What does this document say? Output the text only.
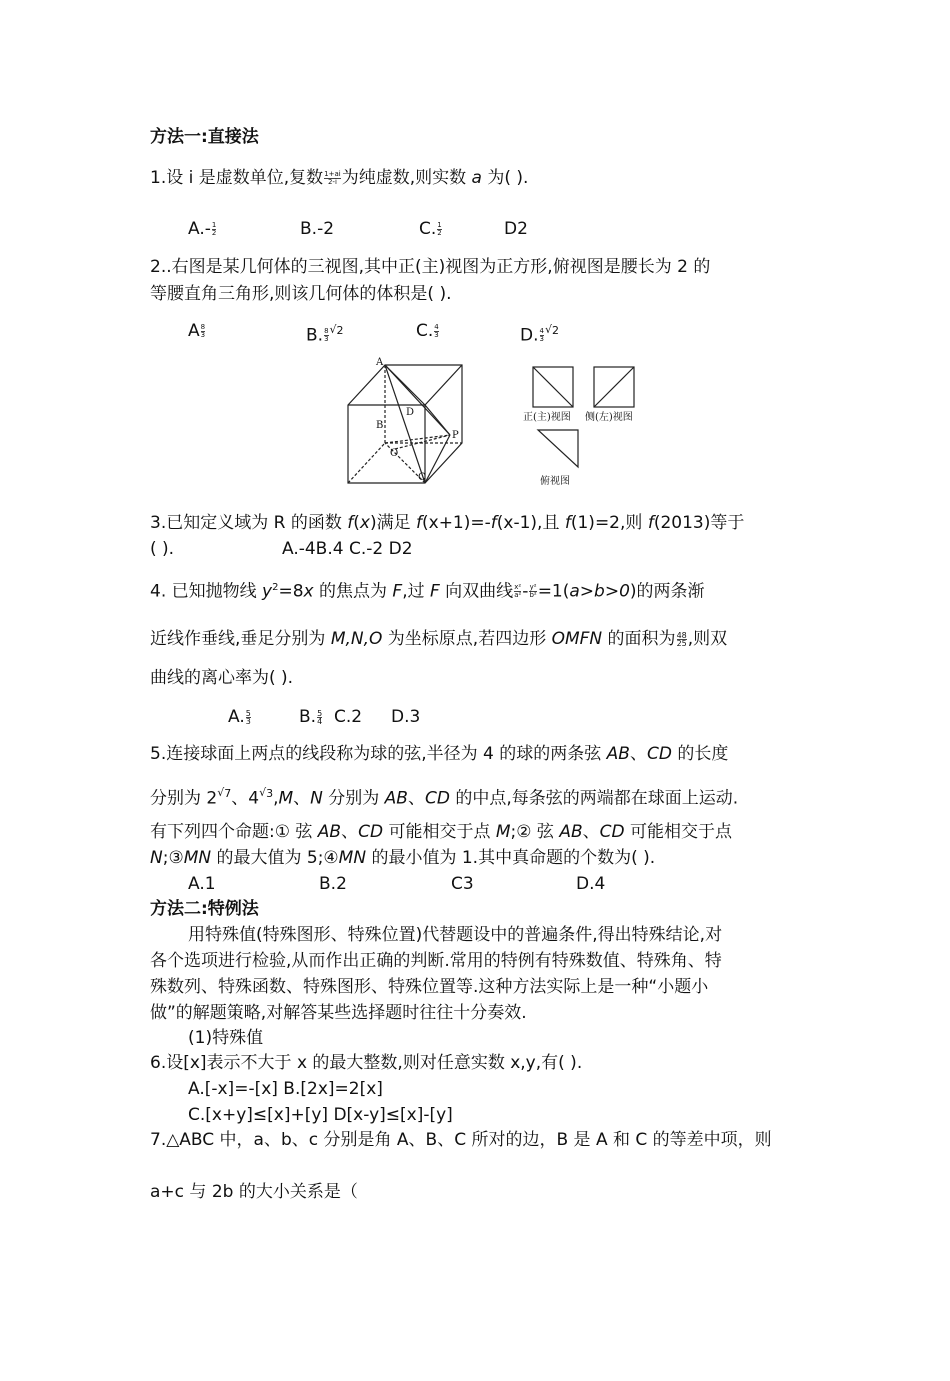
方法一:直接法
1.设 i 是虚数单位,复数 $\frac{1+ai}{2-i}$ 为纯虚数,则实数 a 为( ).
$A.- \frac{1}{2}$	B.-2	C. $\frac{1}{2}$	D2
2..右图是某几何体的三视图,其中正(主)视图为正方形,俯视图是腰长为 2 的
等腰直角三角形,则该几何体的体积是( ).
A $\frac{8}{3}$	B. $\frac{8}{3}$ √ 2	C. $\frac{4}{3}$	D. $\frac{4}{3}$ √ 2
A
D
B
O
P
C
正(主)视图 侧(左)视图
俯视图
3.已知定义域为 R 的函数 f(x)满足 f(x+1)=-f(x-1),且 f(1)=2,则 f(2013)等于
( ).	A.-4B.4 C.-2 D2
4. 已知抛物线 $y^2=8x$ 的焦点为 F,过 F 向双曲线 $\frac{\text{x²}}{\text{a²}} - \frac{\text{y²}}{\text{b²}} =1(a>b>0)$的两条渐
近线作垂线,垂足分别为 M,N,O 为坐标原点,若四边形 OMFN 的面积为 $\frac{48}{25}$ ,则双
曲线的离心率为( ).
A. $\frac{5}{3}$	B. $\frac{5}{4} C.2$ D.3
5.连接球面上两点的线段称为球的弦,半径为 4 的球的两条弦 AB、CD 的长度
分别为 2 √ 7、4 √ 3,M、N 分别为 AB、CD 的中点,每条弦的两端都在球面上运动.
有下列四个命题:① 弦 AB、CD 可能相交于点 M;② 弦 AB、CD 可能相交于点
N;③MN 的最大值为 5;④MN 的最小值为 1.其中真命题的个数为( ).
A.1	B.2	C3	D.4
方法二:特例法
用特殊值(特殊图形、特殊位置)代替题设中的普遍条件,得出特殊结论,对
各个选项进行检验,从而作出正确的判断.常用的特例有特殊数值、特殊角、特
殊数列、特殊函数、特殊图形、特殊位置等.这种方法实际上是一种“小题小
做”的解题策略,对解答某些选择题时往往十分奏效.
(1)特殊值
6.设[x]表示不大于 x 的最大整数,则对任意实数 x,y,有( ).
A.[-x]=-[x] B.[2x]=2[x]
C.[x+y]≤[x]+[y] D[x-y]≤[x]-[y]
7.△ABC 中，a、b、c 分别是角 A、B、C 所对的边，B 是 A 和 C 的等差中项，则
a+c 与 2b 的大小关系是（
